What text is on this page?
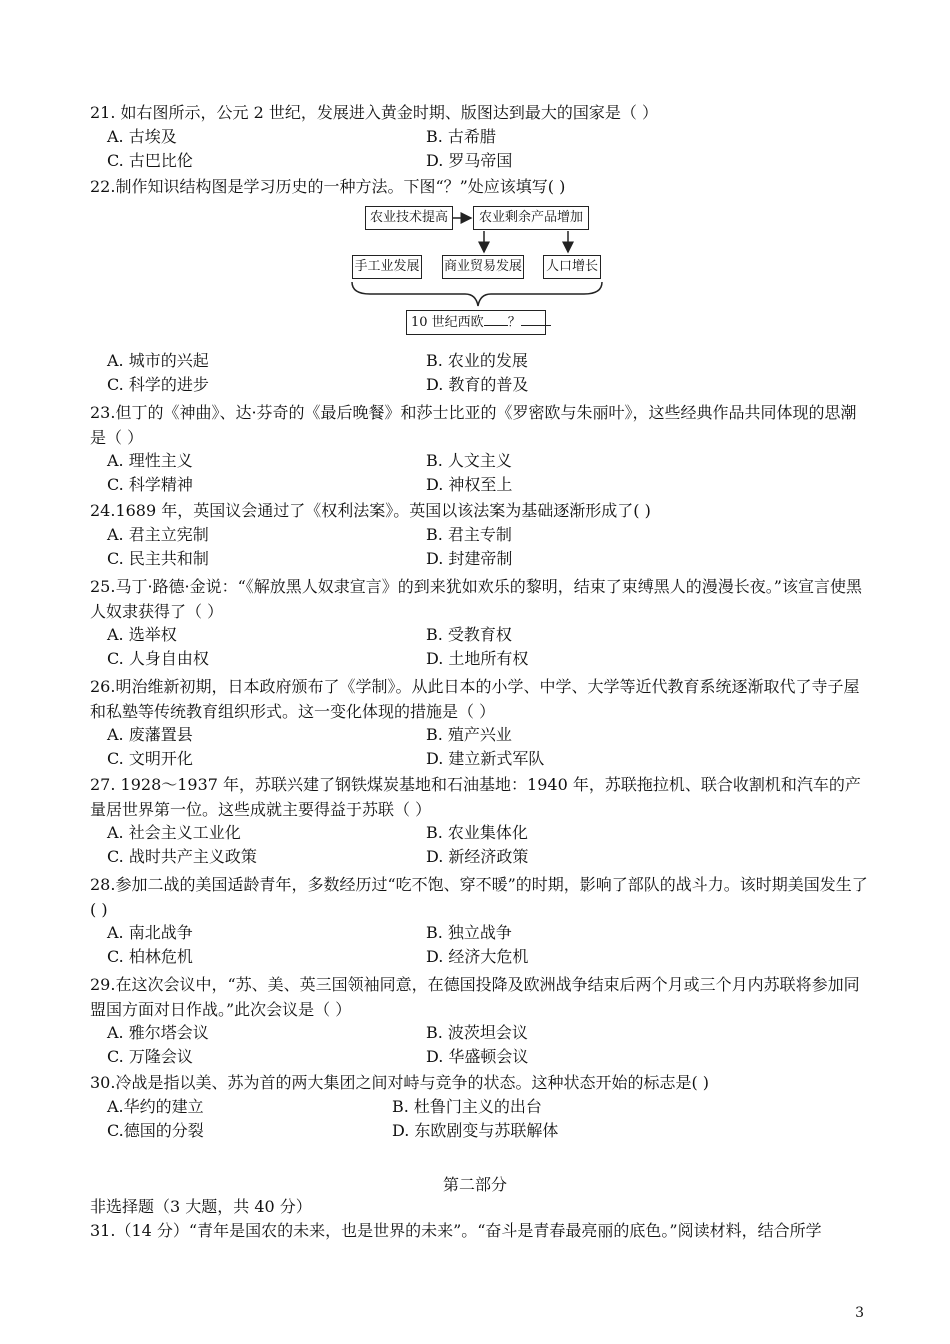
21. 如右图所示，公元 2 世纪，发展进入黄金时期、版图达到最大的国家是（ ）

A. 古埃及	B. 古希腊
C. 古巴比伦	D. 罗马帝国

22.制作知识结构图是学习历史的一种方法。下图“？”处应该填写( )

农业技术提高	农业剩余产品增加
手工业发展 商业贸易发展 人口增长
10 世纪西欧 ？
A. 城市的兴起	B. 农业的发展
C. 科学的进步	D. 教育的普及

23.但丁的《神曲》、达·芬奇的《最后晚餐》和莎士比亚的《罗密欧与朱丽叶》，这些经典作品共同体现的思潮是（ ）

A. 理性主义	B. 人文主义
C. 科学精神	D. 神权至上

24.1689 年，英国议会通过了《权利法案》。英国以该法案为基础逐渐形成了( )

A. 君主立宪制	B. 君主专制
C. 民主共和制	D. 封建帝制

25.马丁·路德·金说：“《解放黑人奴隶宣言》的到来犹如欢乐的黎明，结束了束缚黑人的漫漫长夜。”该宣言使黑人奴隶获得了（ ）

A. 选举权	B. 受教育权
C. 人身自由权	D. 土地所有权

26.明治维新初期，日本政府颁布了《学制》。从此日本的小学、中学、大学等近代教育系统逐渐取代了寺子屋和私塾等传统教育组织形式。这一变化体现的措施是（ ）

A. 废藩置县	B. 殖产兴业
C. 文明开化	D. 建立新式军队

27. 1928～1937 年，苏联兴建了钢铁煤炭基地和石油基地：1940 年，苏联拖拉机、联合收割机和汽车的产量居世界第一位。这些成就主要得益于苏联（ ）

A. 社会主义工业化	B. 农业集体化
C. 战时共产主义政策	D. 新经济政策

28.参加二战的美国适龄青年，多数经历过“吃不饱、穿不暖”的时期，影响了部队的战斗力。该时期美国发生了( )

A. 南北战争	B. 独立战争
C. 柏林危机	D. 经济大危机

29.在这次会议中，“苏、美、英三国领袖同意，在德国投降及欧洲战争结束后两个月或三个月内苏联将参加同盟国方面对日作战。”此次会议是（ ）

A. 雅尔塔会议	B. 波茨坦会议
C. 万隆会议	D. 华盛顿会议

30.冷战是指以美、苏为首的两大集团之间对峙与竞争的状态。这种状态开始的标志是( )

A.华约的建立	B. 杜鲁门主义的出台
C.德国的分裂	D. 东欧剧变与苏联解体
第二部分
非选择题（3 大题，共 40 分）
31.（14 分）“青年是国农的未来，也是世界的未来”。“奋斗是青春最亮丽的底色。”阅读材料，结合所学
3
